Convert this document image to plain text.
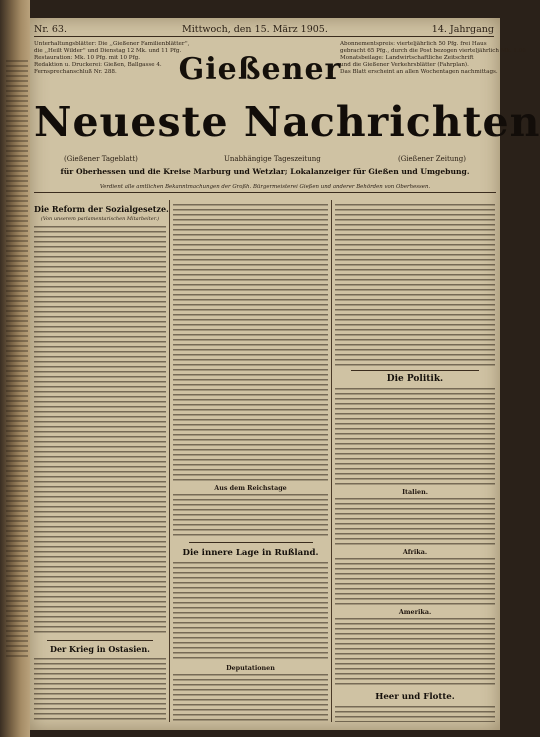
Nr. 63.	Mittwoch, den 15. März 1905.	14. Jahrgang
Unterhaltungsblätter: Die ,,Gießener Familienblätter'',
die ,,Heilt Wilder'' und Dienstag 12 Mk. und 11 Pfg.
Restauration: Mk. 10 Pfg. mit 10 Pfg.
Redaktion u. Druckerei: Gießen, Ballgasse 4.
Fernsprechanschluß Nr. 288.	Gießener
Abonnementspreis: vierteljährlich 50 Pfg. frei Haus
gebracht 65 Pfg., durch die Post bezogen vierteljährlich Mk. 1.00
Monatsbeilage: Landwirtschaftliche Zeitschrift
und die Gießener Verkehrsblätter (Fahrplan).
Das Blatt erscheint an allen Wochentagen nachmittags.
Neueste Nachrichten
(Gießener Tageblatt)	Unabhängige Tageszeitung	(Gießener Zeitung)
für Oberhessen und die Kreise Marburg und Wetzlar; Lokalanzeiger für Gießen und Umgebung.
Verdient alle amtlichen Bekanntmachungen der Großh. Bürgermeisterei Gießen und anderer Behörden von Oberhessen.
Die Reform der Sozialgesetze.
(Von unserem parlamentarischen Mitarbeiter.)
Der Krieg in Ostasien.
Aus dem Reichstage
Die innere Lage in Rußland.
Deputationen
Die Politik.
Italien.
Afrika.
Amerika.
Heer und Flotte.
